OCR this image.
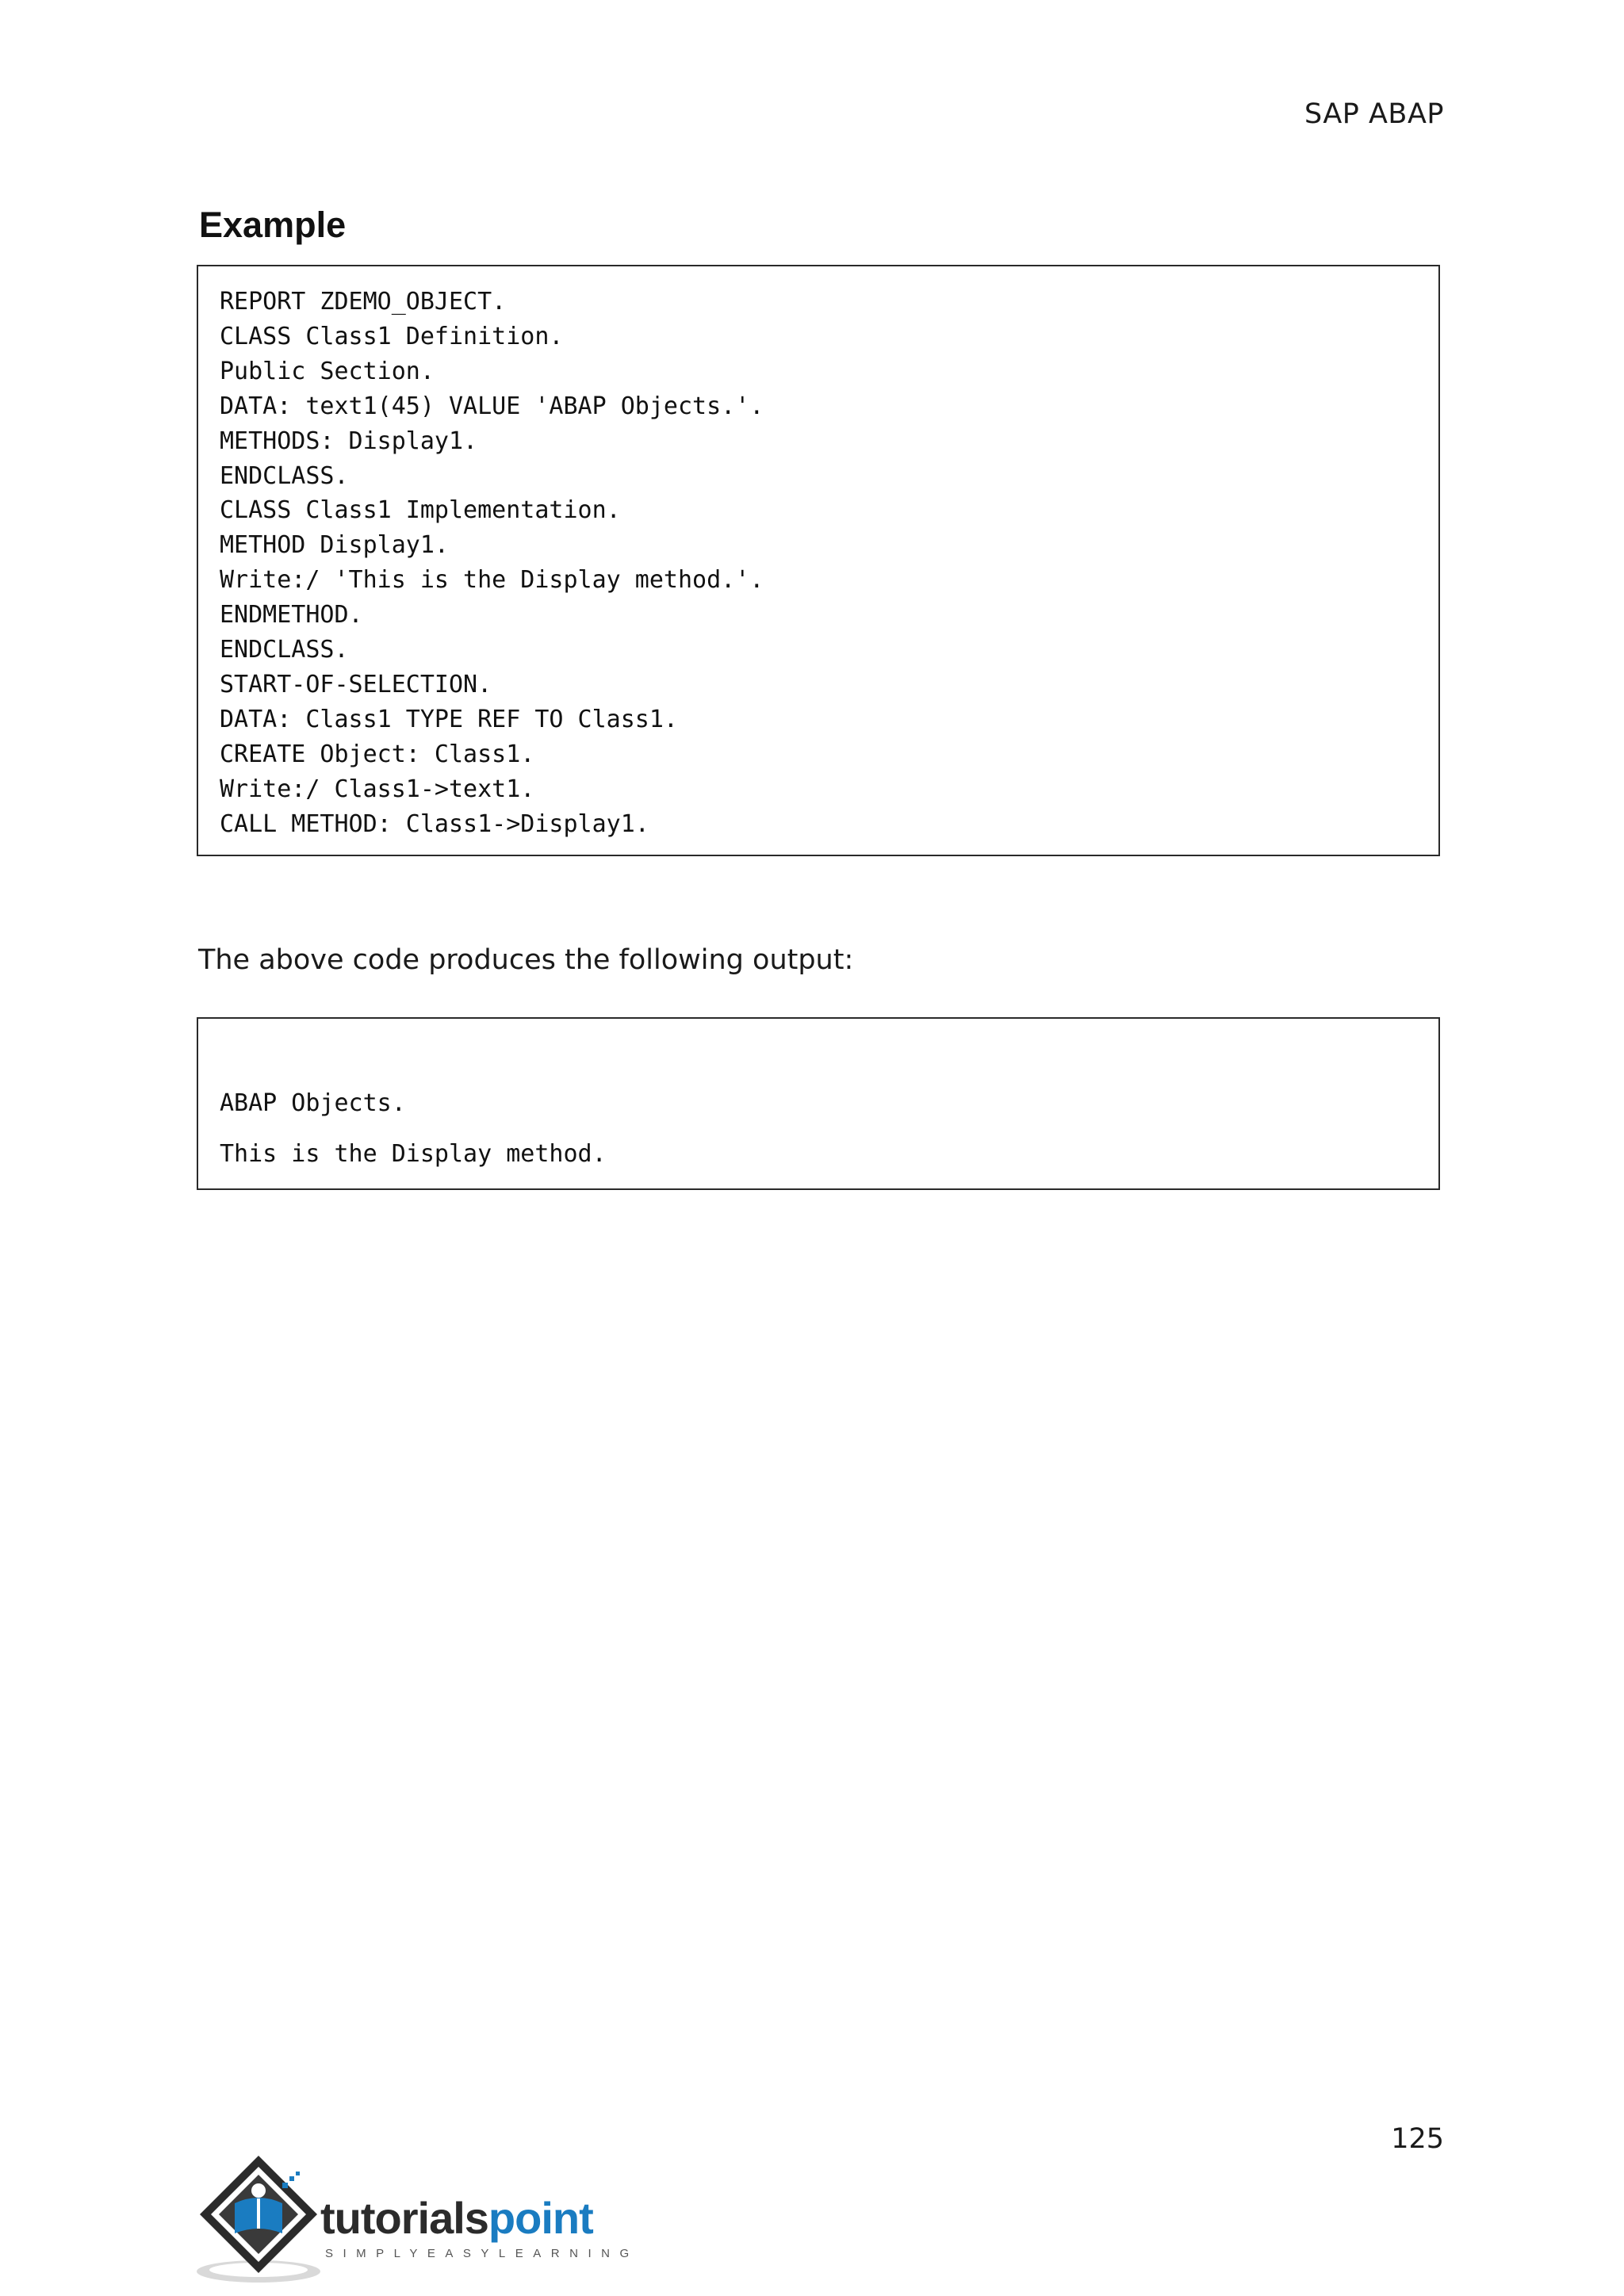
SAP ABAP
Example
REPORT ZDEMO_OBJECT.
CLASS Class1 Definition.
Public Section.
DATA: text1(45) VALUE 'ABAP Objects.'.
METHODS: Display1.
ENDCLASS.
CLASS Class1 Implementation.
METHOD Display1.
Write:/ 'This is the Display method.'.
ENDMETHOD.
ENDCLASS.
START-OF-SELECTION.
DATA: Class1 TYPE REF TO Class1.
CREATE Object: Class1.
Write:/ Class1->text1.
CALL METHOD: Class1->Display1.
The above code produces the following output:
ABAP Objects.
This is the Display method.
125
tutorialspoint
SIMPLYEASYLEARNING
